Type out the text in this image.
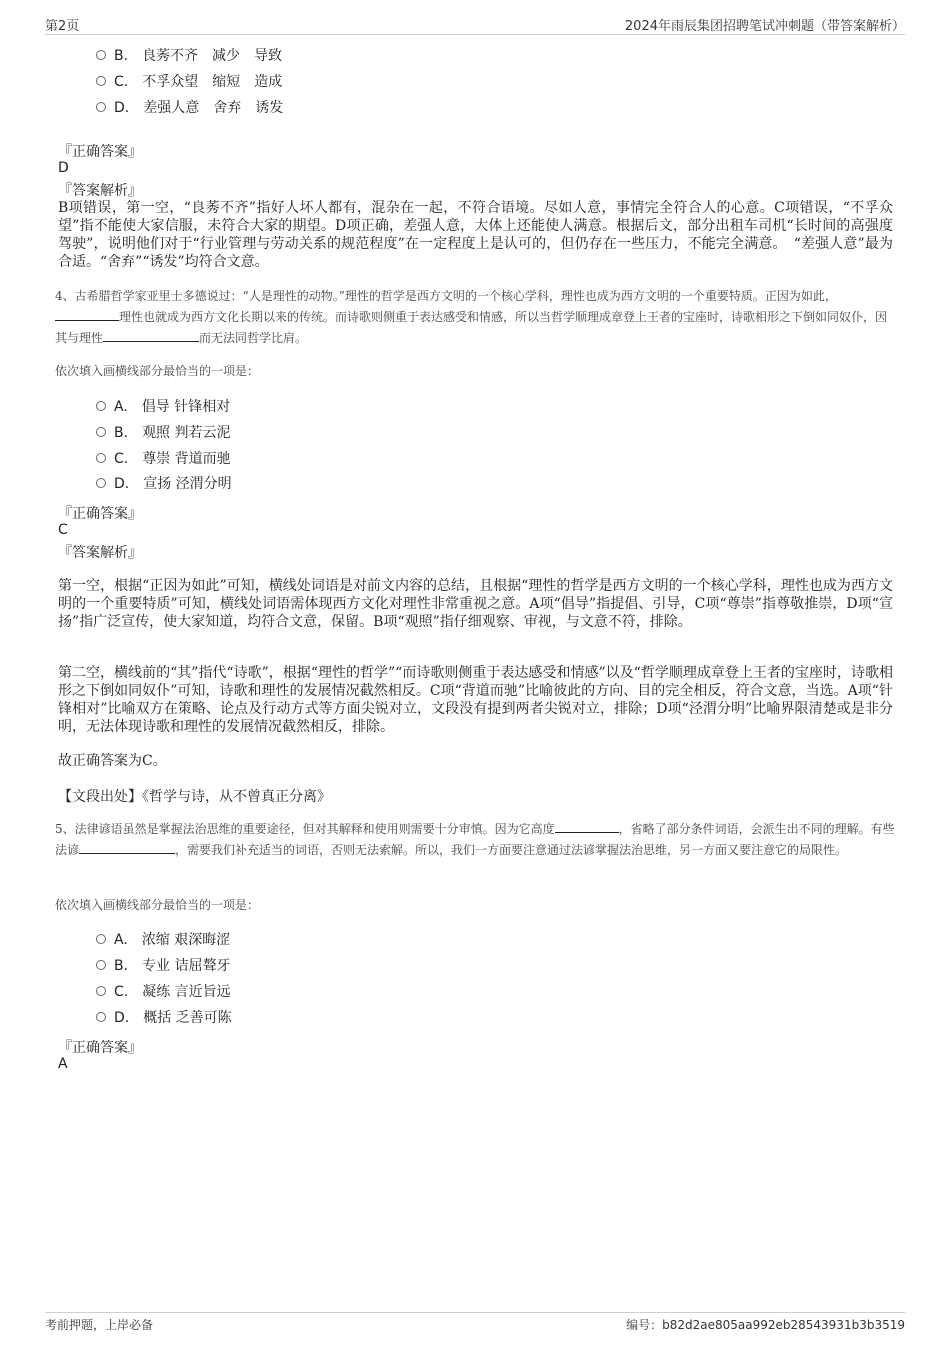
第2页	2024年雨辰集团招聘笔试冲刺题（带答案解析）
B. 良莠不齐　减少　导致
C. 不孚众望　缩短　造成
D. 差强人意　舍弃　诱发
『正确答案』
D
『答案解析』
B项错误，第一空，“良莠不齐”指好人坏人都有，混杂在一起，不符合语境。尽如人意，事情完全符合人的心意。C项错误，“不孚众望”指不能使大家信服，未符合大家的期望。D项正确，差强人意，大体上还能使人满意。根据后文，部分出租车司机“长时间的高强度驾驶”，说明他们对于“行业管理与劳动关系的规范程度”在一定程度上是认可的，但仍存在一些压力，不能完全满意。　“差强人意”最为合适。“舍弃”“诱发”均符合文意。
4、古希腊哲学家亚里士多德说过：“人是理性的动物。”理性的哲学是西方文明的一个核心学科，理性也成为西方文明的一个重要特质。正因为如此，理性也就成为西方文化长期以来的传统。而诗歌则侧重于表达感受和情感，所以当哲学顺理成章登上王者的宝座时，诗歌相形之下倒如同奴仆，因其与理性	而无法同哲学比肩。
依次填入画横线部分最恰当的一项是：
A. 倡导 针锋相对
B. 观照 判若云泥
C. 尊崇 背道而驰
D. 宣扬 泾渭分明
『正确答案』
C
『答案解析』
第一空，根据“正因为如此”可知，横线处词语是对前文内容的总结，且根据“理性的哲学是西方文明的一个核心学科，理性也成为西方文明的一个重要特质”可知，横线处词语需体现西方文化对理性非常重视之意。A项“倡导”指提倡、引导，C项“尊崇”指尊敬推崇，D项“宣扬”指广泛宣传，使大家知道，均符合文意，保留。B项“观照”指仔细观察、审视，与文意不符，排除。
第二空，横线前的“其”指代“诗歌”，根据“理性的哲学”“而诗歌则侧重于表达感受和情感”以及“哲学顺理成章登上王者的宝座时，诗歌相形之下倒如同奴仆”可知，诗歌和理性的发展情况截然相反。C项“背道而驰”比喻彼此的方向、目的完全相反，符合文意，当选。A项“针锋相对”比喻双方在策略、论点及行动方式等方面尖锐对立，文段没有提到两者尖锐对立，排除；D项“泾渭分明”比喻界限清楚或是非分明，无法体现诗歌和理性的发展情况截然相反，排除。
故正确答案为C。
【文段出处】《哲学与诗，从不曾真正分离》
5、法律谚语虽然是掌握法治思维的重要途径，但对其解释和使用则需要十分审慎。因为它高度	，省略了部分条件词语，会派生出不同的理解。有些法谚	，需要我们补充适当的词语，否则无法索解。所以，我们一方面要注意通过法谚掌握法治思维，另一方面又要注意它的局限性。
依次填入画横线部分最恰当的一项是：
A. 浓缩 艰深晦涩
B. 专业 诘屈聱牙
C. 凝练 言近旨远
D. 概括 乏善可陈
『正确答案』
A
考前押题，上岸必备	编号：b82d2ae805aa992eb28543931b3b3519
